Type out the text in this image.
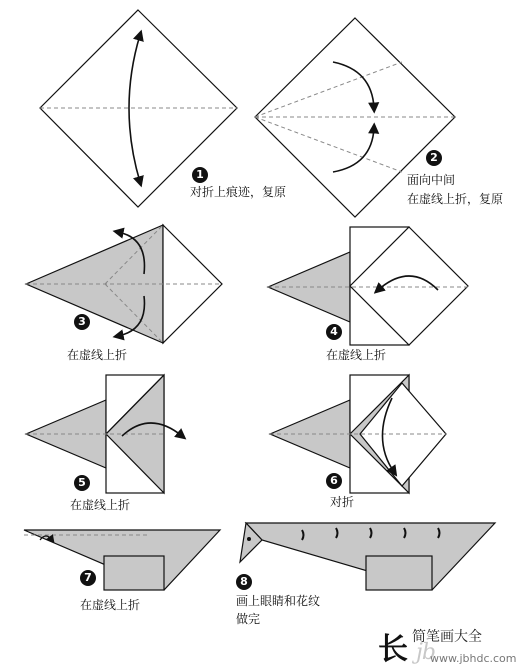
1
对折上痕迹，复原
2
面向中间
在虚线上折，复原
3
在虚线上折
4
在虚线上折
5
在虚线上折
6
对折
7
在虚线上折
8
画上眼睛和花纹
做完
长 简笔画大全
jb
www.jbhdc.com
